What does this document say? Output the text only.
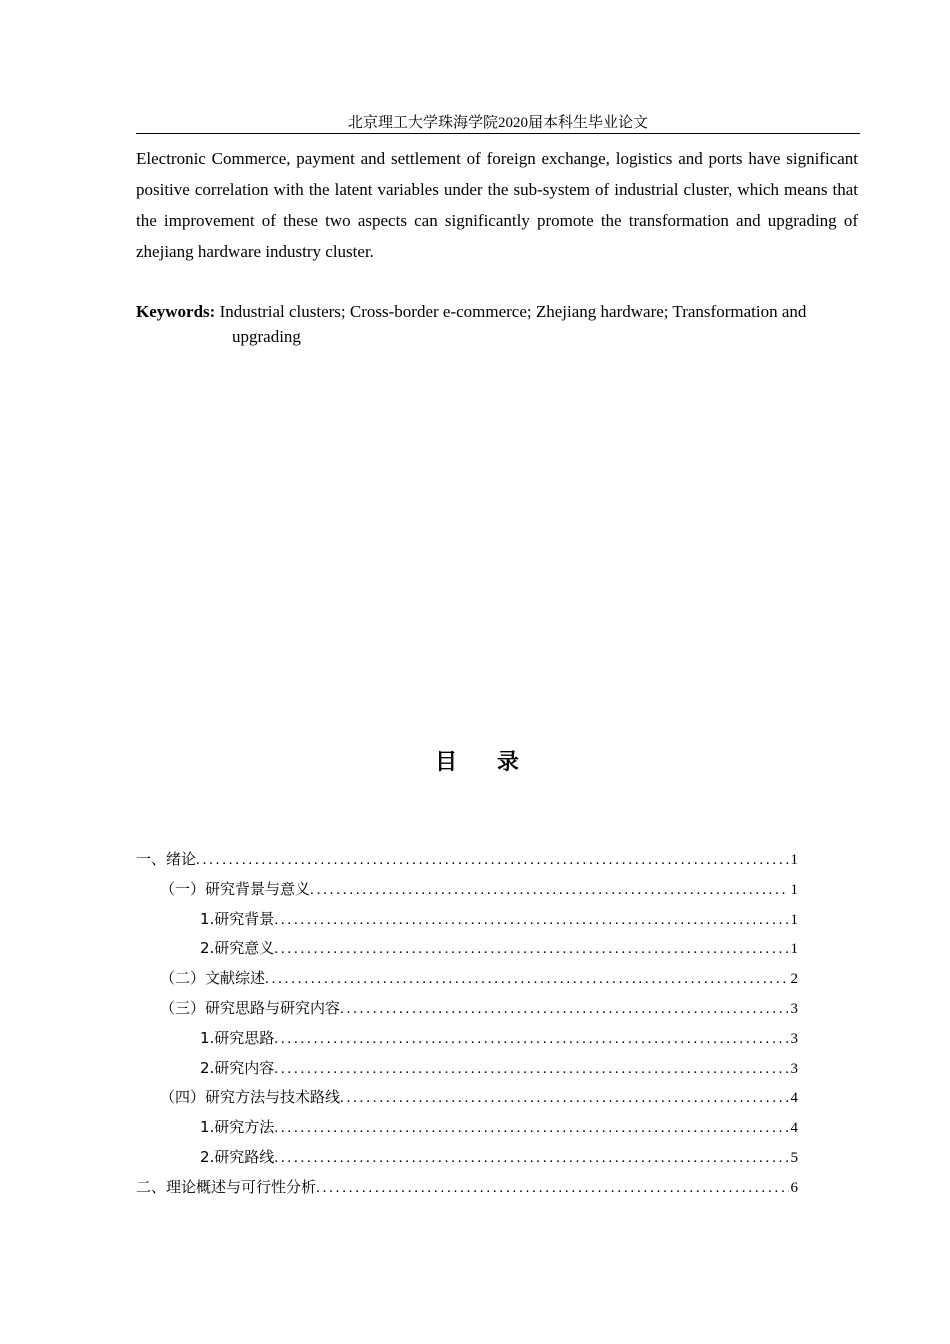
北京理工大学珠海学院2020届本科生毕业论文

Electronic Commerce, payment and settlement of foreign exchange, logistics and ports have significant positive correlation with the latent variables under the sub-system of industrial cluster, which means that the improvement of these two aspects can significantly promote the transformation and upgrading of zhejiang hardware industry cluster.

Keywords: Industrial clusters; Cross-border e-commerce; Zhejiang hardware; Transformation and upgrading

目 录
一、绪论 .....	1
（一）研究背景与意义 .....	1
1.研究背景 .....	1
2.研究意义 .....	1
（二）文献综述 .....	2
（三）研究思路与研究内容 .....	3
1.研究思路 .....	3
2.研究内容 .....	3
（四）研究方法与技术路线 .....	4
1.研究方法 .....	4
2.研究路线 .....	5
二、理论概述与可行性分析 .....	6
